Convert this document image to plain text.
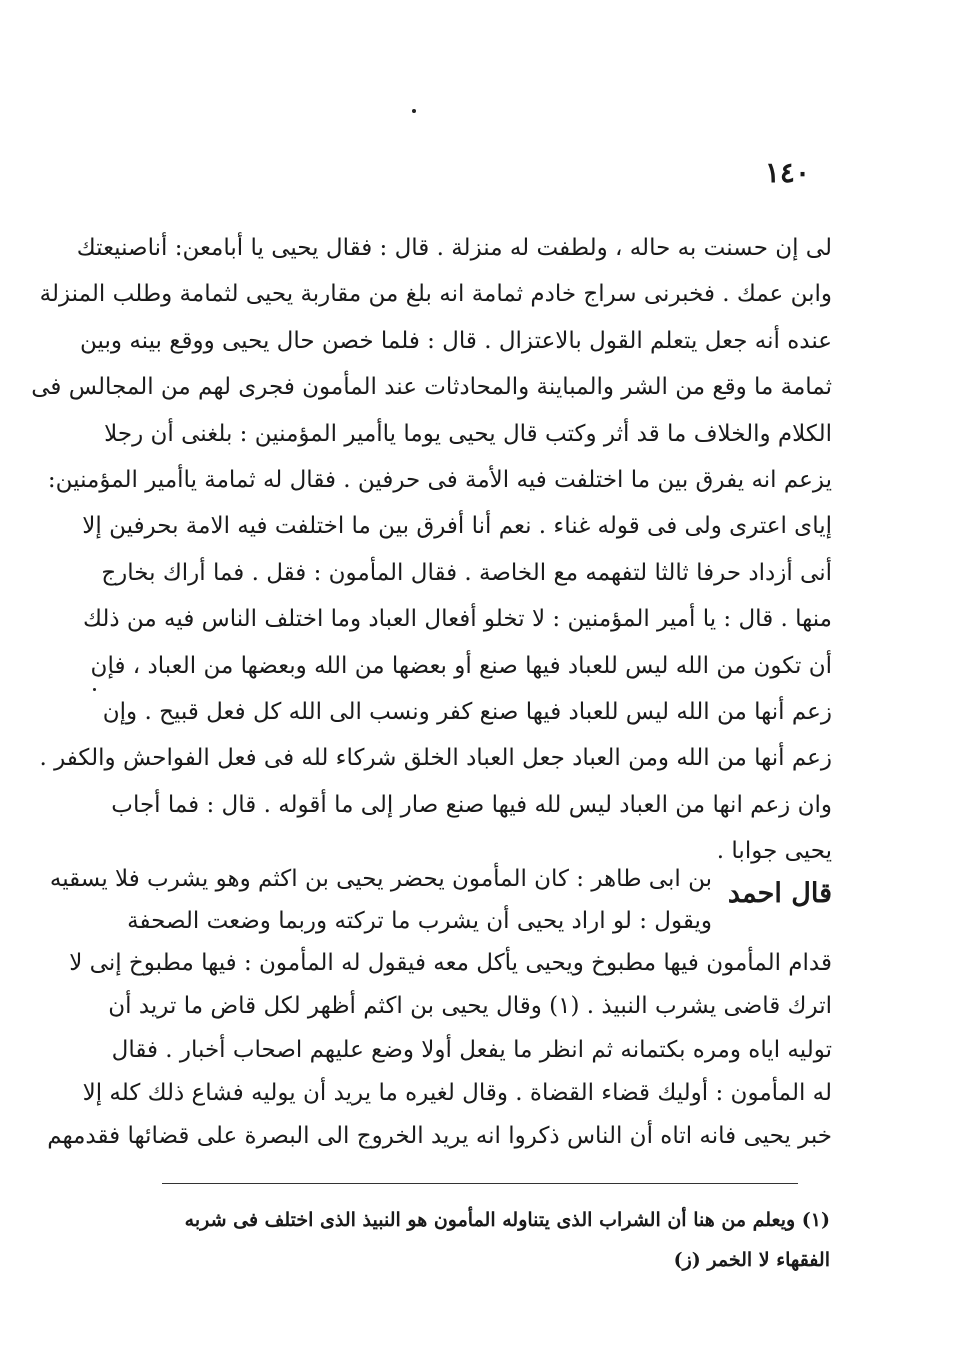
١٤٠
لى إن حسنت به حاله ، ولطفت له منزلة . قال : فقال يحيى يا أبامعن: أناصنيعتك
وابن عمك . فخبرنى سراج خادم ثمامة انه بلغ من مقاربة يحيى لثمامة وطلب المنزلة
عنده أنه جعل يتعلم القول بالاعتزال . قال : فلما خصن حال يحيى ووقع بينه وبين
ثمامة ما وقع من الشر والمباينة والمحادثات عند المأمون فجرى لهم من المجالس فى
الكلام والخلاف ما قد أثر وكتب قال يحيى يوما ياأمير المؤمنين : بلغنى أن رجلا
يزعم انه يفرق بين ما اختلفت فيه الأمة فى حرفين . فقال له ثمامة ياأمير المؤمنين:
إياى اعترى ولى فى قوله غناء . نعم أنا أفرق بين ما اختلفت فيه الامة بحرفين إلا
أنى أزداد حرفا ثالثا لتفهمه مع الخاصة . فقال المأمون : فقل . فما أراك بخارج
منها . قال : يا أمير المؤمنين : لا تخلو أفعال العباد وما اختلف الناس فيه من ذلك
أن تكون من الله ليس للعباد فيها صنع أو بعضها من الله وبعضها من العباد ، فإن
زعم أنها من الله ليس للعباد فيها صنع كفر ونسب الى الله كل فعل قبيح . وإن
زعم أنها من الله ومن العباد جعل العباد الخلق شركاء لله فى فعل الفواحش والكفر .
وان زعم انها من العباد ليس لله فيها صنع صار إلى ما أقوله . قال : فما أجاب
يحيى جوابا .
قال احمد
بن ابى طاهر : كان المأمون يحضر يحيى بن اكثم وهو يشرب فلا يسقيه
ويقول : لو اراد يحيى أن يشرب ما تركته وربما وضعت الصحفة
قدام المأمون فيها مطبوخ ويحيى يأكل معه فيقول له المأمون : فيها مطبوخ إنى لا
اترك قاضى يشرب النبيذ . (١) وقال يحيى بن اكثم أظهر لكل قاض ما تريد أن
توليه اياه ومره بكتمانه ثم انظر ما يفعل أولا وضع عليهم اصحاب أخبار . فقال
له المأمون : أوليك قضاء القضاة . وقال لغيره ما يريد أن يوليه فشاع ذلك كله إلا
خبر يحيى فانه اتاه أن الناس ذكروا انه يريد الخروج الى البصرة على قضائها فقدمهم
(١) ويعلم من هنا أن الشراب الذى يتناوله المأمون هو النبيذ الذى اختلف فى شربه
الفقهاء لا الخمر (ز)
